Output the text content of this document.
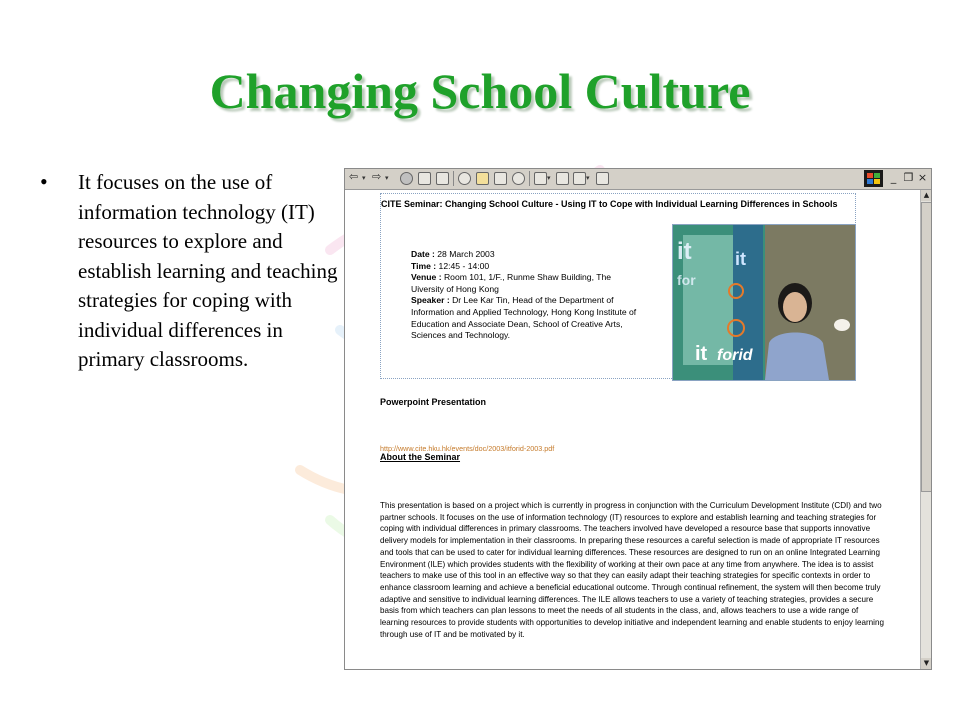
Changing School Culture
• It focuses on the use of information technology (IT) resources to explore and establish learning and teaching strategies for coping with individual differences in primary classrooms.
⇦ ▾ ⇨ ▾	▾	▾	_ ❐ ×
CITE Seminar: Changing School Culture - Using IT to Cope with Individual Learning Differences in Schools
Date : 28 March 2003
Time : 12:45 - 14:00
Venue : Room 101, 1/F., Runme Shaw Building, The Uiversity of Hong Kong
Speaker : Dr Lee Kar Tin, Head of the Department of Information and Applied Technology, Hong Kong Institute of Education and Associate Dean, School of Creative Arts, Sciences and Technology.
it
for
it
it forid
Powerpoint Presentation
http://www.cite.hku.hk/events/doc/2003/itforid-2003.pdf
About the Seminar
This presentation is based on a project which is currently in progress in conjunction with the Curriculum Development Institute (CDI) and two partner schools. It focuses on the use of information technology (IT) resources to explore and establish learning and teaching strategies for coping with individual differences in primary classrooms. The teachers involved have developed a resource base that supports innovative delivery models for implementation in their classrooms. In preparing these resources a careful selection is made of appropriate IT resources and tools that can be used to cater for individual learning differences. These resources are designed to run on an online Integrated Learning Environment (ILE) which provides students with the flexibility of working at their own pace at any time from anywhere. The idea is to assist teachers to make use of this tool in an effective way so that they can easily adapt their teaching strategies for specific contexts in order to enhance classroom learning and achieve a beneficial educational outcome. Through continual refinement, the system will then become truly adaptive and sensitive to individual learning differences. The ILE allows teachers to use a variety of teaching strategies, provides a secure basis from which teachers can plan lessons to meet the needs of all students in the class, and, allows teachers to use a wide range of learning resources to provide students with opportunities to develop initiative and independent learning and enable students to enjoy learning through use of IT and be motivated by it.
▲
▼
